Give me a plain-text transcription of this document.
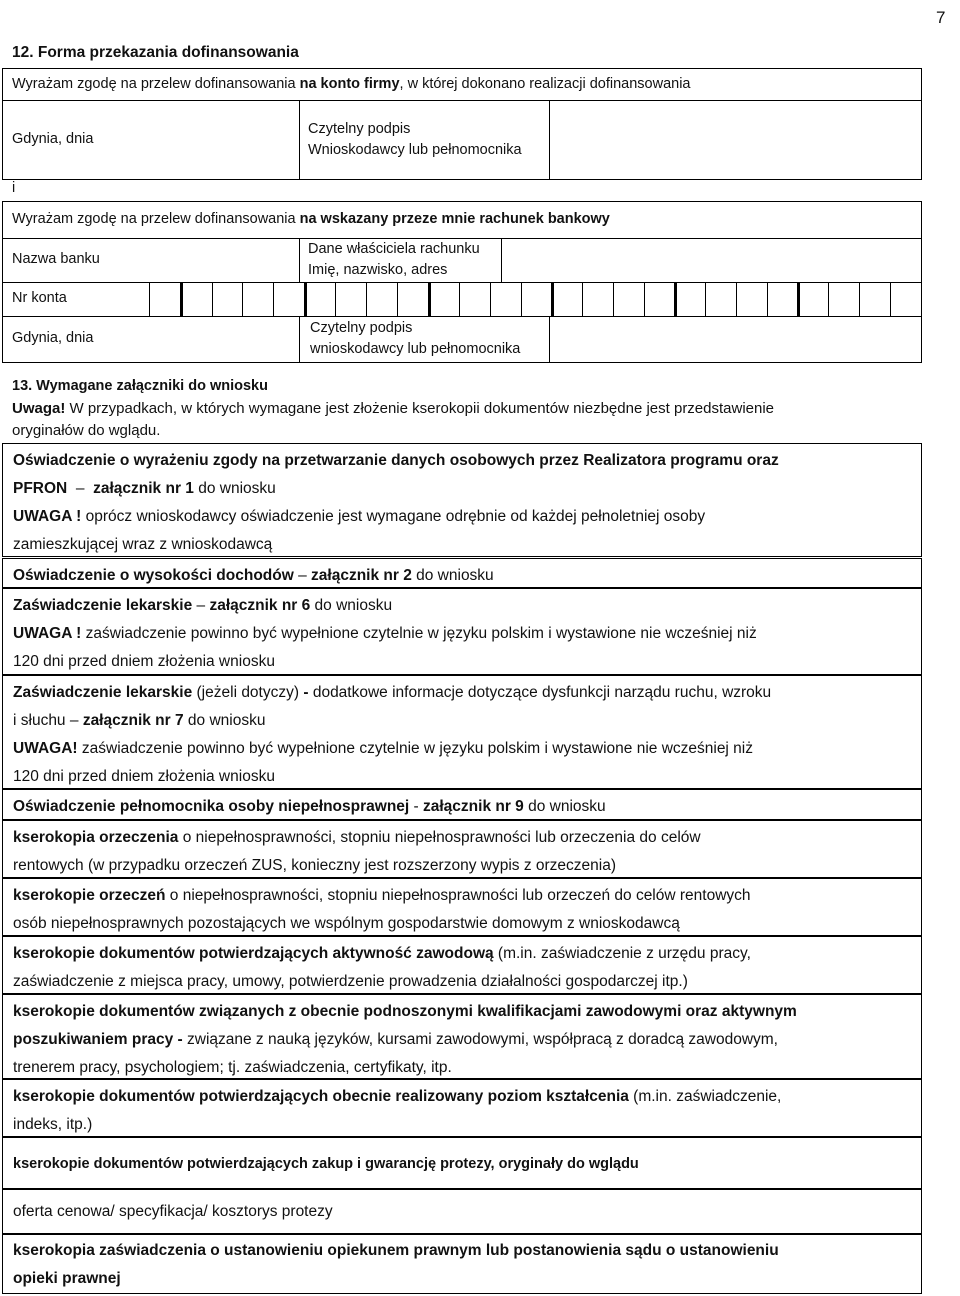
7
12. Forma przekazania dofinansowania
Wyrażam zgodę na przelew dofinansowania na konto firmy, w której dokonano realizacji dofinansowania
Gdynia, dnia
Czytelny podpis
Wnioskodawcy lub pełnomocnika
i
Wyrażam zgodę na przelew dofinansowania na wskazany przeze mnie rachunek bankowy
Nazwa banku
Dane właściciela rachunku
Imię, nazwisko, adres
Nr konta
Gdynia, dnia
Czytelny podpis
wnioskodawcy lub pełnomocnika
13. Wymagane załączniki do wniosku
Uwaga! W przypadkach, w których wymagane jest złożenie kserokopii dokumentów niezbędne jest przedstawienie
oryginałów do wglądu.
Oświadczenie o wyrażeniu zgody na przetwarzanie danych osobowych przez Realizatora programu oraz
PFRON  –  załącznik nr 1 do wniosku
UWAGA ! oprócz wnioskodawcy oświadczenie jest wymagane odrębnie od każdej pełnoletniej osoby
zamieszkującej wraz z wnioskodawcą
Oświadczenie o wysokości dochodów – załącznik nr 2 do wniosku
Zaświadczenie lekarskie – załącznik nr 6 do wniosku
UWAGA ! zaświadczenie powinno być wypełnione czytelnie w języku polskim i wystawione nie wcześniej niż
120 dni przed dniem złożenia wniosku
Zaświadczenie lekarskie (jeżeli dotyczy) - dodatkowe informacje dotyczące dysfunkcji narządu ruchu, wzroku
i słuchu – załącznik nr 7 do wniosku
UWAGA! zaświadczenie powinno być wypełnione czytelnie w języku polskim i wystawione nie wcześniej niż
120 dni przed dniem złożenia wniosku
Oświadczenie pełnomocnika osoby niepełnosprawnej - załącznik nr 9 do wniosku
kserokopia orzeczenia o niepełnosprawności, stopniu niepełnosprawności lub orzeczenia do celów
rentowych (w przypadku orzeczeń ZUS, konieczny jest rozszerzony wypis z orzeczenia)
kserokopie orzeczeń o niepełnosprawności, stopniu niepełnosprawności lub orzeczeń do celów rentowych
osób niepełnosprawnych pozostających we wspólnym gospodarstwie domowym z wnioskodawcą
kserokopie dokumentów potwierdzających aktywność zawodową (m.in. zaświadczenie z urzędu pracy,
zaświadczenie z miejsca pracy, umowy, potwierdzenie prowadzenia działalności gospodarczej itp.)
kserokopie dokumentów związanych z obecnie podnoszonymi kwalifikacjami zawodowymi oraz aktywnym
poszukiwaniem pracy - związane z nauką języków, kursami zawodowymi, współpracą z doradcą zawodowym,
trenerem pracy, psychologiem; tj. zaświadczenia, certyfikaty, itp.
kserokopie dokumentów potwierdzających obecnie realizowany poziom kształcenia (m.in. zaświadczenie,
indeks, itp.)
kserokopie dokumentów potwierdzających zakup i gwarancję protezy, oryginały do wglądu
oferta cenowa/ specyfikacja/ kosztorys protezy
kserokopia zaświadczenia o ustanowieniu opiekunem prawnym lub postanowienia sądu o ustanowieniu
opieki prawnej
